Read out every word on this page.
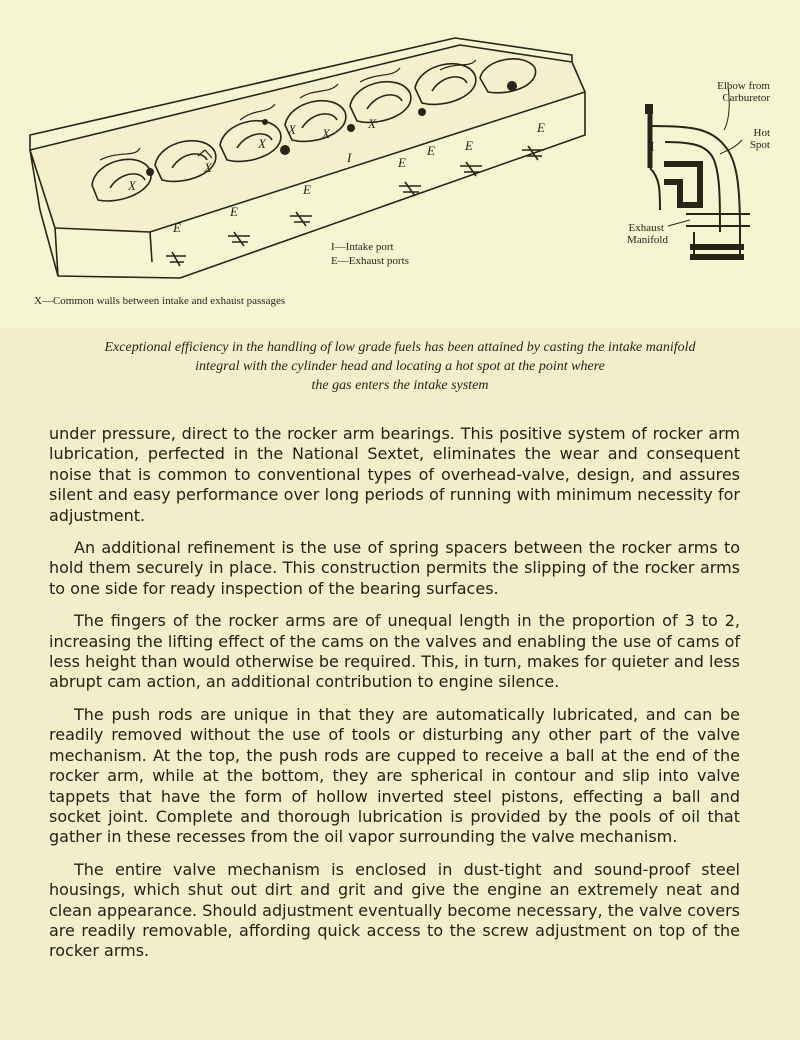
X
X
X
X X
X
E
E
E
I	E
E E
E
I
Elbow from
Carburetor
Hot
Spot
Exhaust
Manifold
I—Intake port
E—Exhaust ports
X—Common walls between intake and exhaust passages
Exceptional efficiency in the handling of low grade fuels has been attained by casting the intake manifold
integral with the cylinder head and locating a hot spot at the point where
the gas enters the intake system

under pressure, direct to the rocker arm bearings. This positive system of rocker arm lubrication, perfected in the National Sextet, eliminates the wear and consequent noise that is common to conventional types of overhead-valve, design, and assures silent and easy performance over long periods of running with minimum necessity for adjustment.

An additional refinement is the use of spring spacers between the rocker arms to hold them securely in place. This construction permits the slipping of the rocker arms to one side for ready inspection of the bearing surfaces.

The fingers of the rocker arms are of unequal length in the proportion of 3 to 2, increasing the lifting effect of the cams on the valves and enabling the use of cams of less height than would otherwise be required. This, in turn, makes for quieter and less abrupt cam action, an additional contribution to engine silence.

The push rods are unique in that they are automatically lubricated, and can be readily removed without the use of tools or disturbing any other part of the valve mechanism. At the top, the push rods are cupped to receive a ball at the end of the rocker arm, while at the bottom, they are spherical in contour and slip into valve tappets that have the form of hollow inverted steel pistons, effecting a ball and socket joint. Complete and thorough lubrication is provided by the pools of oil that gather in these recesses from the oil vapor surrounding the valve mechanism.

The entire valve mechanism is enclosed in dust-tight and sound-proof steel housings, which shut out dirt and grit and give the engine an extremely neat and clean appearance. Should adjustment eventually become necessary, the valve covers are readily removable, affording quick access to the screw adjustment on top of the rocker arms.
